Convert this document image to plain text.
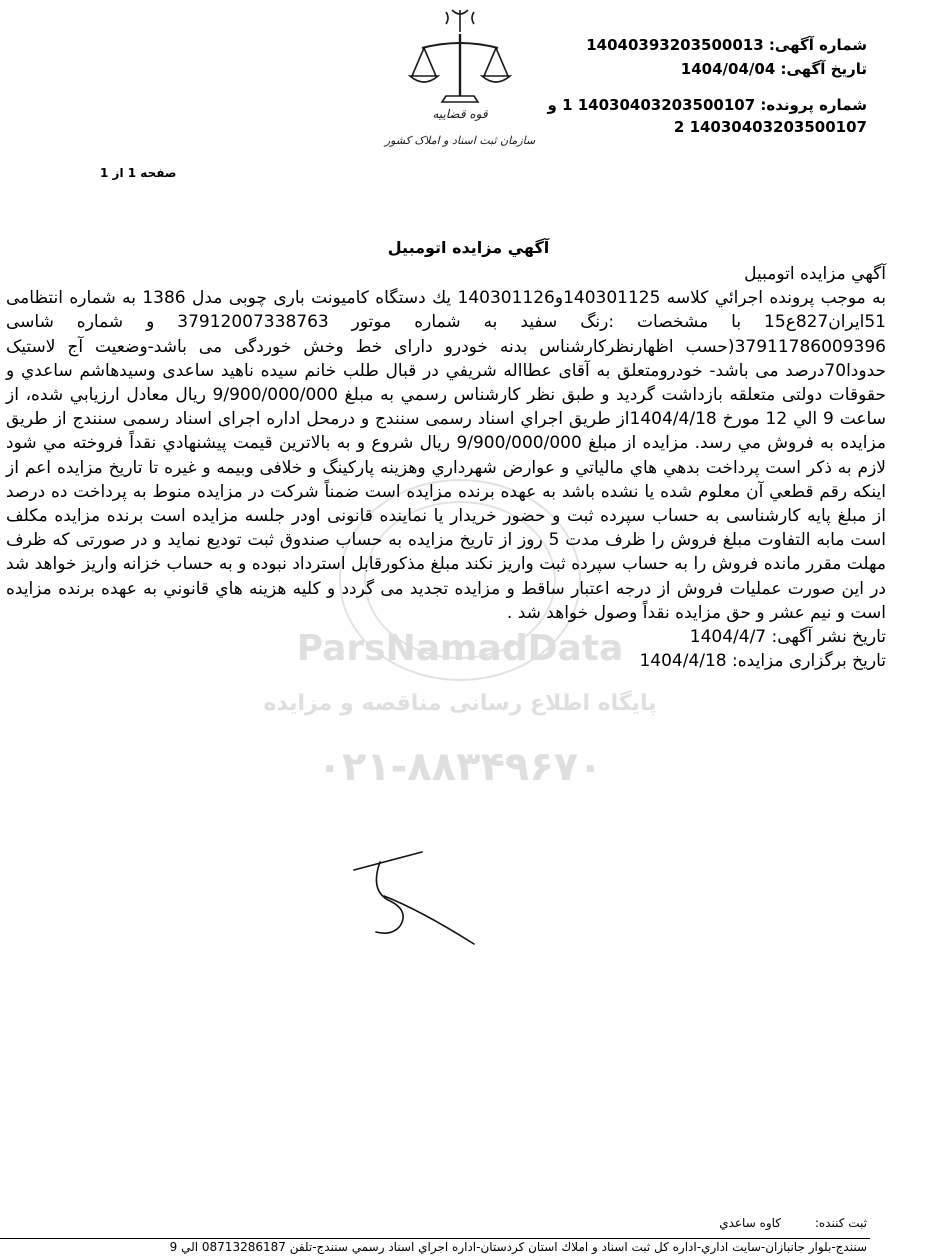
شماره آگهی: 14040393203500013
تاریخ آگهی: 1404/04/04
شماره پرونده: 14030403203500107 1 و
14030403203500107 2
قوه قضاییه
سازمان ثبت اسناد و املاک کشور
صفحه 1 از 1
آگهي مزايده اتومبيل
ParsNamadData
پایگاه اطلاع رسانی مناقصه و مزایده
۰۲۱-۸۸۳۴۹۶۷۰
آگهي مزايده اتومبيل

به موجب پرونده اجرائي كلاسه 140301125و140301126 يك دستگاه كاميونت باری چوبی مدل 1386 به شماره انتظامی 51ایران827ع15 با مشخصات :رنگ سفید به شماره موتور 37912007338763 و شماره شاسی 37911786009396(حسب اظهارنظرکارشناس بدنه خودرو دارای خط وخش خوردگی می باشد-وضعیت آج لاستیک حدودا70درصد می باشد- خودرومتعلق به آقای عطااله شریفي در قبال طلب خانم سیده ناهید ساعدی وسیدهاشم ساعدي و حقوقات دولتی متعلقه بازداشت گرديد و طبق نظر كارشناس رسمي به مبلغ 9/900/000/000 ريال معادل ارزيابي شده، از ساعت 9 الي 12 مورخ 1404/4/18از طريق اجراي اسناد رسمی سنندج و درمحل اداره اجرای اسناد رسمی سنندج از طريق مزايده به فروش مي رسد. مزايده از مبلغ 9/900/000/000 ريال شروع و به بالاترين قيمت پيشنهادي نقداً فروخته مي شود لازم به ذكر است پرداخت بدهي هاي مالياتي و عوارض شهرداري وهزينه پاركينگ و خلافی وبيمه و غيره تا تاريخ مزايده اعم از اينكه رقم قطعي آن معلوم شده يا نشده باشد به عهده برنده مزايده است ضمناً شركت در مزايده منوط به پرداخت ده درصد از مبلغ پایه کارشناسی به حساب سپرده ثبت و حضور خریدار یا نماینده قانونی اودر جلسه مزايده است برنده مزايده مكلف است مابه التفاوت مبلغ فروش را ظرف مدت 5 روز از تاريخ مزايده به حساب صندوق ثبت توديع نمايد و در صورتی كه ظرف مهلت مقرر مانده فروش را به حساب سپرده ثبت واريز نكند مبلغ مذكورقابل استرداد نبوده و به حساب خزانه واريز خواهد شد در اين صورت عمليات فروش از درجه اعتبار ساقط و مزايده تجديد می گردد و كليه هزينه هاي قانوني به عهده برنده مزايده است و نيم عشر و حق مزايده نقداً وصول خواهد شد .

تاریخ نشر آگهی: 1404/4/7
تاریخ برگزاری مزایده: 1404/4/18
ثبت كننده: كاوه ساعدي
سنندج-بلوار جانبازان-سایت اداري-اداره كل ثبت اسناد و املاك استان كردستان-اداره اجراي اسناد رسمي سنندج-تلفن 08713286187 الي 9
